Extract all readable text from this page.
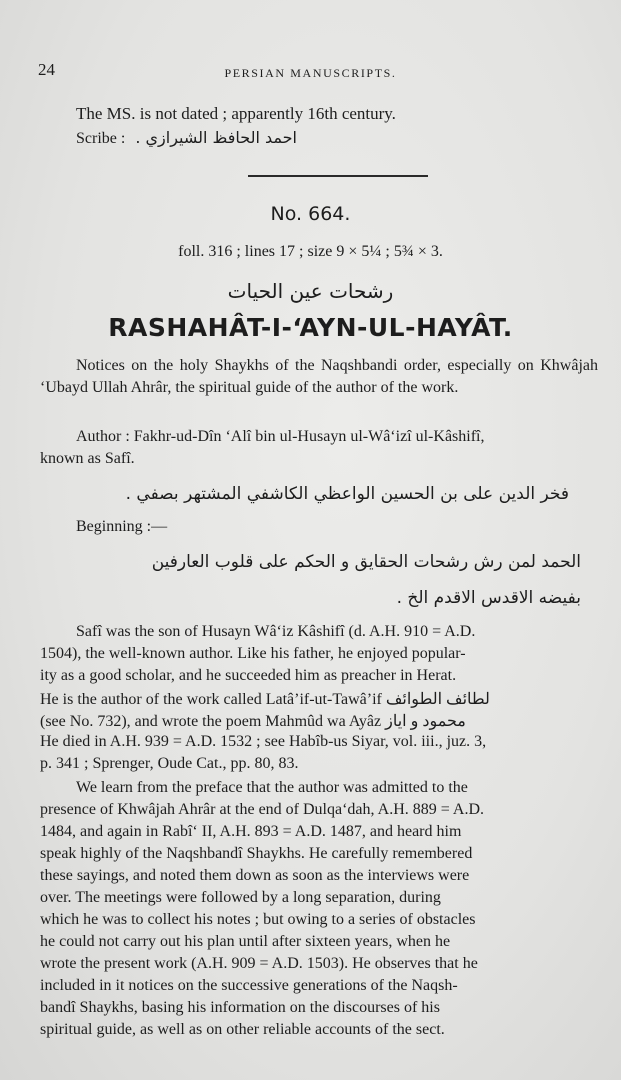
24	PERSIAN MANUSCRIPTS.
The MS. is not dated ; apparently 16th century.
Scribe : احمد الحافظ الشيرازي .
No. 664.
foll. 316 ; lines 17 ; size 9 × 5¼ ; 5¾ × 3.
رشحات عين الحيات
RASHAHÂT-I-‘AYN-UL-HAYÂT.
Notices on the holy Shaykhs of the Naqshbandi order, especially on Khwâjah ‘Ubayd Ullah Ahrâr, the spiritual guide of the author of the work.
Author : Fakhr-ud-Dîn ‘Alî bin ul-Husayn ul-Wâ‘izî ul-Kâshifî,
known as Safî.
فخر الدين على بن الحسين الواعظي الكاشفي المشتهر بصفي .
Beginning :—
الحمد لمن رش رشحات الحقايق و الحكم على قلوب العارفين
بفيضه الاقدس الاقدم الخ .
Safî was the son of Husayn Wâ‘iz Kâshifî (d. A.H. 910 = A.D.
1504), the well-known author. Like his father, he enjoyed popular-
ity as a good scholar, and he succeeded him as preacher in Herat.
He is the author of the work called Latâ’if-ut-Tawâ’if لطائف الطوائف
(see No. 732), and wrote the poem Mahmûd wa Ayâz محمود و اياز
He died in A.H. 939 = A.D. 1532 ; see Habîb-us Siyar, vol. iii., juz. 3,
p. 341 ; Sprenger, Oude Cat., pp. 80, 83.
We learn from the preface that the author was admitted to the
presence of Khwâjah Ahrâr at the end of Dulqa‘dah, A.H. 889 = A.D.
1484, and again in Rabî‘ II, A.H. 893 = A.D. 1487, and heard him
speak highly of the Naqshbandî Shaykhs. He carefully remembered
these sayings, and noted them down as soon as the interviews were
over. The meetings were followed by a long separation, during
which he was to collect his notes ; but owing to a series of obstacles
he could not carry out his plan until after sixteen years, when he
wrote the present work (A.H. 909 = A.D. 1503). He observes that he
included in it notices on the successive generations of the Naqsh-
bandî Shaykhs, basing his information on the discourses of his
spiritual guide, as well as on other reliable accounts of the sect.
